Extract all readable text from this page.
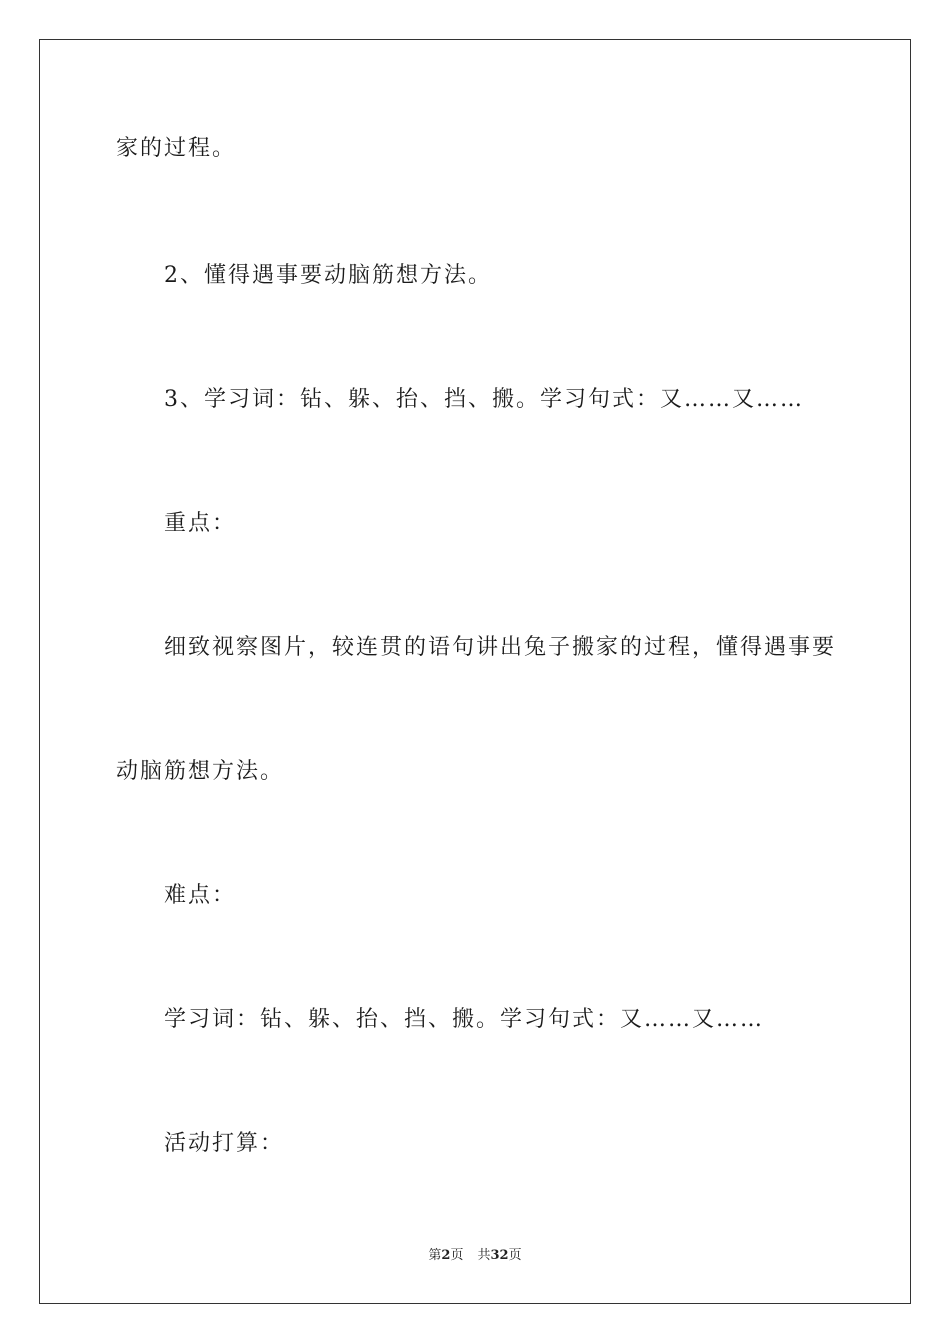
家的过程。
2、懂得遇事要动脑筋想方法。
3、学习词：钻、躲、抬、挡、搬。学习句式：又……又……
重点：
细致视察图片，较连贯的语句讲出兔子搬家的过程，懂得遇事要
动脑筋想方法。
难点：
学习词：钻、躲、抬、挡、搬。学习句式：又……又……
活动打算：
第2页 共32页
